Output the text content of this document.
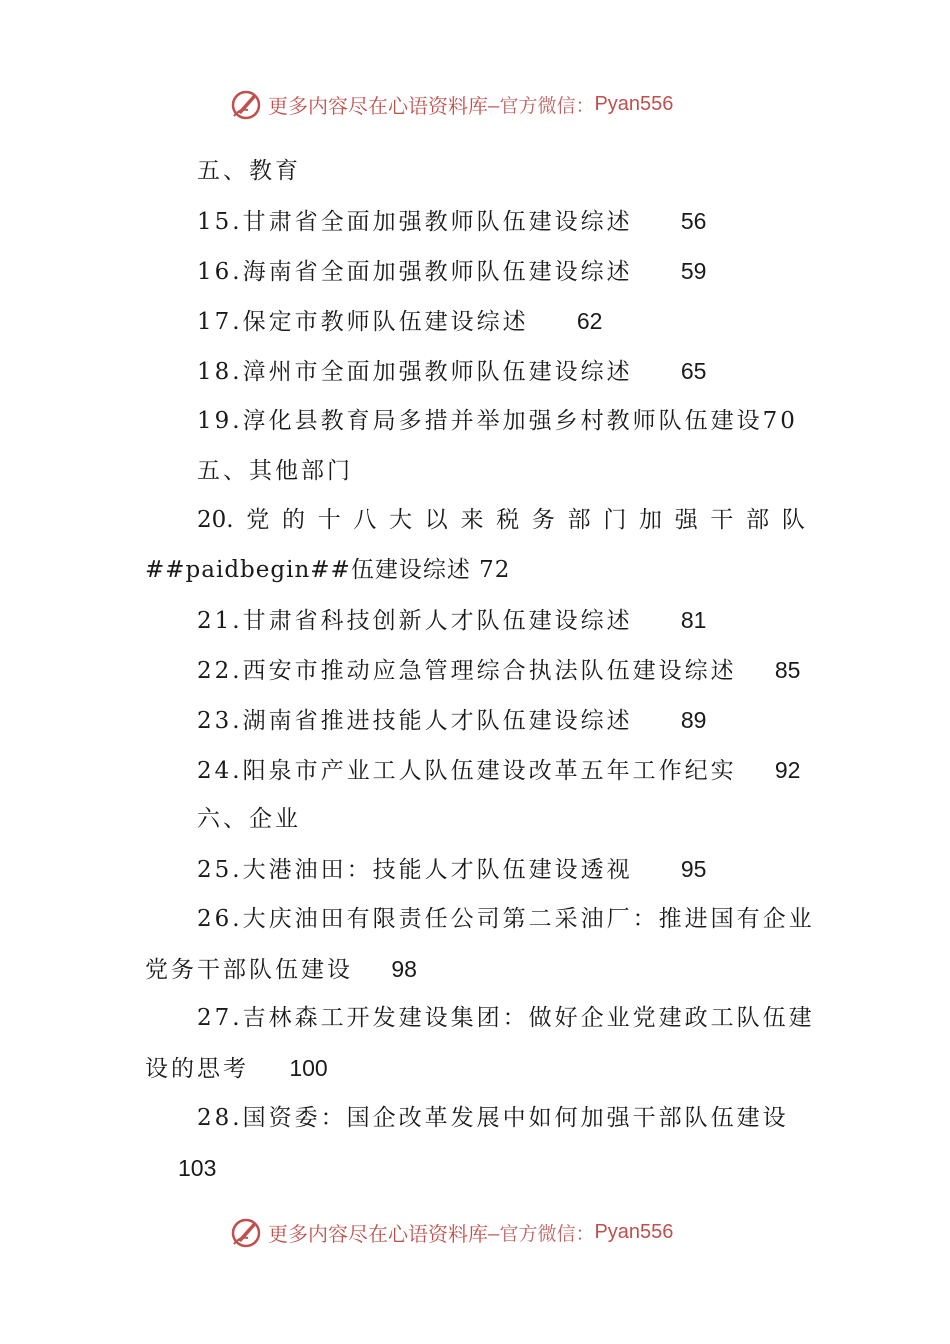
更多内容尽在心语资料库 —官方微信： Pyan556
五、教育
15.甘肃省全面加强教师队伍建设综述 56
16.海南省全面加强教师队伍建设综述 59
17.保定市教师队伍建设综述 62
18.漳州市全面加强教师队伍建设综述 65
19.淳化县教育局多措并举加强乡村教师队伍建设70
五、其他部门
20. 党 的 十 八 大 以 来 税 务 部 门 加 强 干 部 队
##paidbegin##伍建设综述 72
21.甘肃省科技创新人才队伍建设综述 81
22.西安市推动应急管理综合执法队伍建设综述 85
23.湖南省推进技能人才队伍建设综述 89
24.阳泉市产业工人队伍建设改革五年工作纪实 92
六、企业
25.大港油田：技能人才队伍建设透视 95
26.大庆油田有限责任公司第二采油厂：推进国有企业
党务干部队伍建设 98
27.吉林森工开发建设集团：做好企业党建政工队伍建
设的思考 100
28.国资委：国企改革发展中如何加强干部队伍建设
103
更多内容尽在心语资料库 —官方微信： Pyan556
